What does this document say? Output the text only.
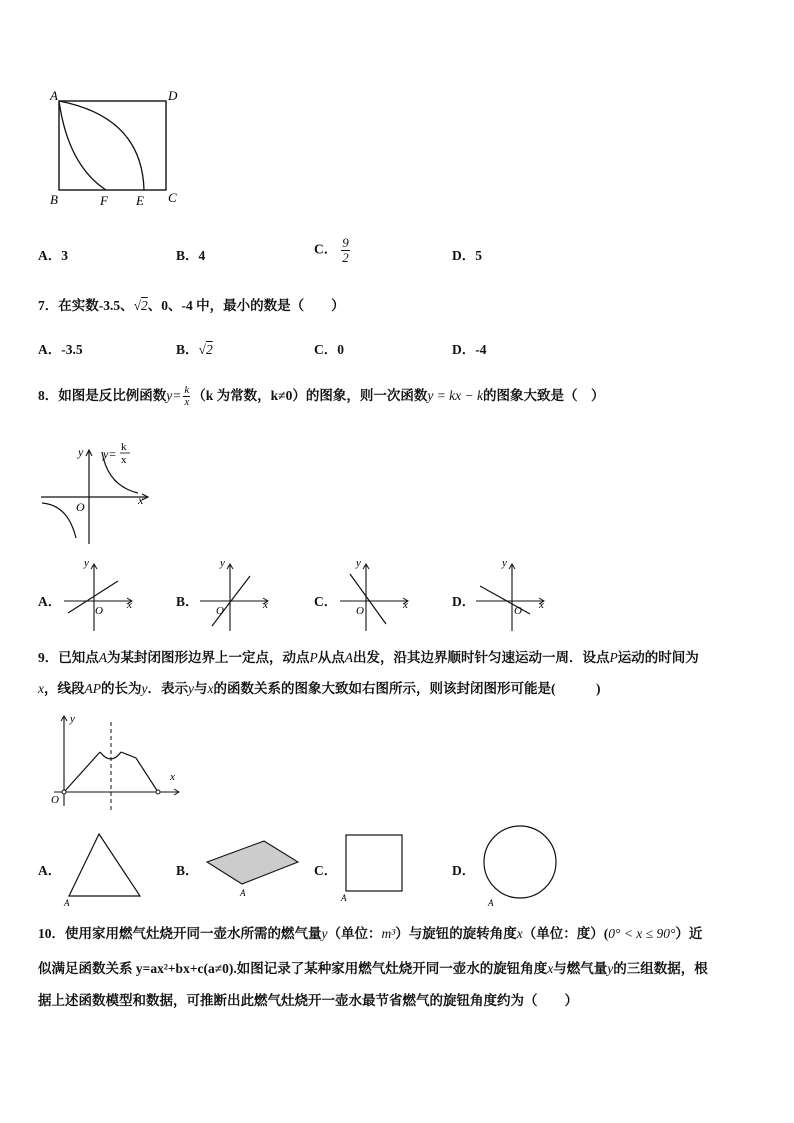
A	D
B	F E C
A．3	B．4	C． $\frac{9}{2}$	D．5
7．在实数-3.5、√2、0、-4 中，最小的数是（　　）
A．-3.5	B．√2	C．0	D．-4
8．如图是反比例函数$y= \frac{k}{x} (k$ 为常数，k≠0）的图象，则一次函数y = kx − k的图象大致是（　）
y
x
O
y= k
x
A．
y
x
O
B．
y
x
O
C．
y
x
O
D．
y
x
O
9．已知点A为某封闭图形边界上一定点，动点P从点A出发，沿其边界顺时针匀速运动一周．设点P运动的时间为
x，线段AP的长为y．表示y与x的函数关系的图象大致如右图所示，则该封闭图形可能是(　　　)
y
x
O
A．
A
B．
A
C．
A
D．
A
10．使用家用燃气灶烧开同一壶水所需的燃气量y（单位：m³）与旋钮的旋转角度x（单位：度）(0° < x ≤ 90°）近
似满足函数关系 y=ax²+bx+c(a≠0).如图记录了某种家用燃气灶烧开同一壶水的旋钮角度x与燃气量y的三组数据，根
据上述函数模型和数据，可推断出此燃气灶烧开一壶水最节省燃气的旋钮角度约为（　　）
